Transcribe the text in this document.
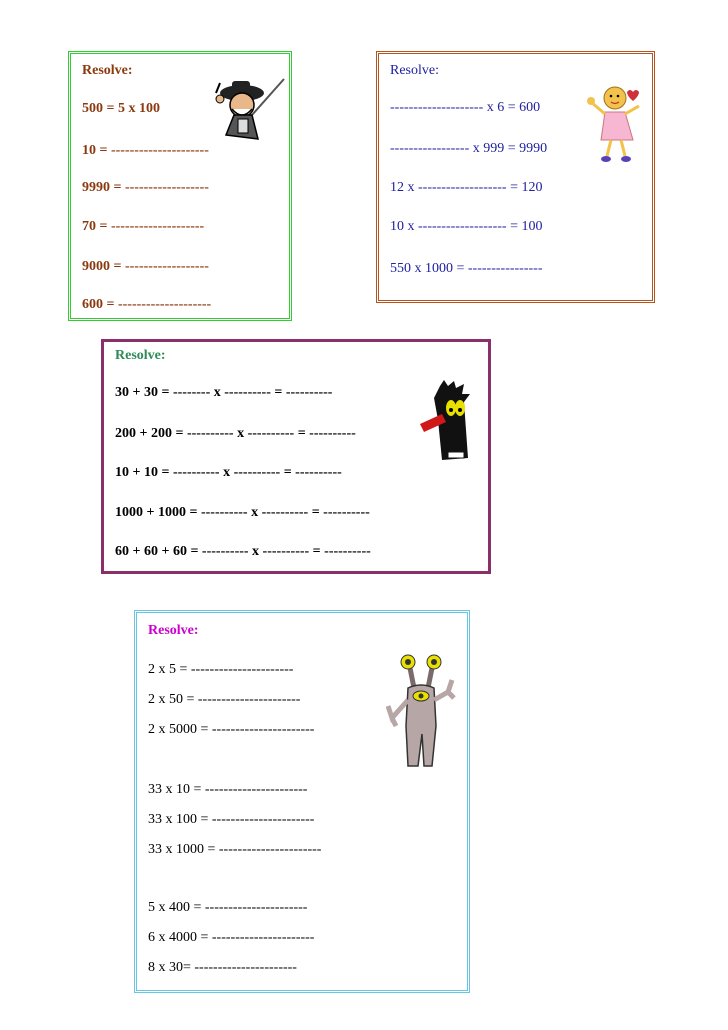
Resolve:
500 = 5 x 100
10 = ---------------------
9990 = ------------------
70 = --------------------
9000 = ------------------
600 = --------------------
Resolve:
-------------------- x 6 = 600
----------------- x 999 = 9990
12 x ------------------- = 120
10 x ------------------- = 100
550 x 1000 = ----------------
Resolve:
30 + 30 = -------- x ---------- = ----------
200 + 200 = ---------- x ---------- = ----------
10 + 10 = ---------- x ---------- = ----------
1000 + 1000 = ---------- x ---------- = ----------
60 + 60 + 60 = ---------- x ---------- = ----------
Resolve:
2 x 5 = ----------------------
2 x 50 = ----------------------
2 x 5000 = ----------------------
33 x 10 = ----------------------
33 x 100 = ----------------------
33 x 1000 = ----------------------
5 x 400 = ----------------------
6 x 4000 = ----------------------
8 x 30= ----------------------
